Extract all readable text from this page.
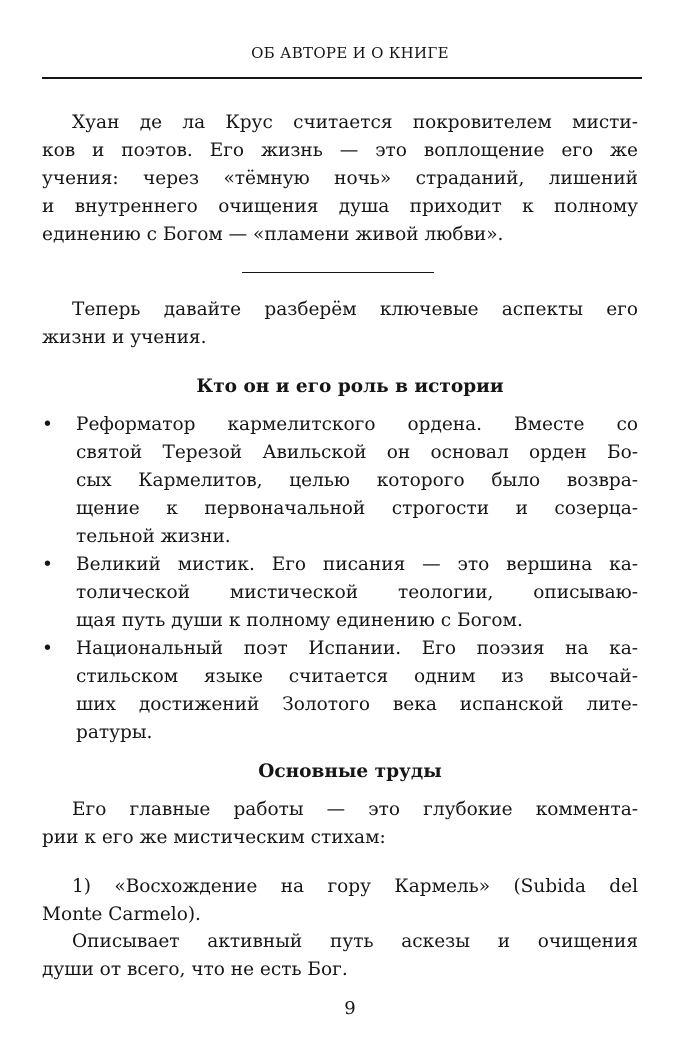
ОБ АВТОРЕ И О КНИГЕ

Хуан де ла Крус считается покровителем мисти-
ков и поэтов. Его жизнь — это воплощение его же
учения: через «тёмную ночь» страданий, лишений
и внутреннего очищения душа приходит к полному
единению с Богом — «пламени живой любви».

Теперь давайте разберём ключевые аспекты его
жизни и учения.

Кто он и его роль в истории
•	Реформатор кармелитского ордена. Вместе со
святой Терезой Авильской он основал орден Бо-
сых Кармелитов, целью которого было возвра-
щение к первоначальной строгости и созерца-
тельной жизни.
•	Великий мистик. Его писания — это вершина ка-
толической мистической теологии, описываю-
щая путь души к полному единению с Богом.
•	Национальный поэт Испании. Его поэзия на ка-
стильском языке считается одним из высочай-
ших достижений Золотого века испанской лите-
ратуры.
Основные труды

Его главные работы — это глубокие коммента-
рии к его же мистическим стихам:

1) «Восхождение на гору Кармель» (Subida del
Monte Carmelo).

Описывает активный путь аскезы и очищения
души от всего, что не есть Бог.

9
